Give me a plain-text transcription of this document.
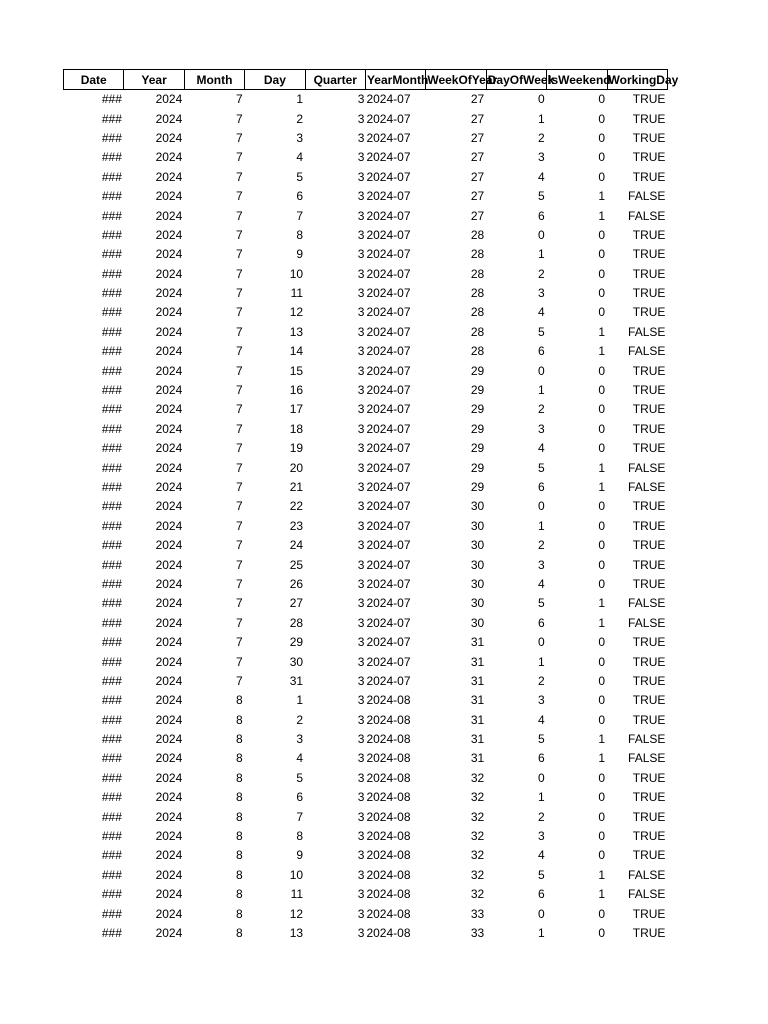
Date	Year	Month	Day	Quarter	YearMonth	WeekOfYear	DayOfWeek	IsWeekend	WorkingDay
###	2024	7	1	3	2024-07	27	0	0	TRUE
###	2024	7	2	3	2024-07	27	1	0	TRUE
###	2024	7	3	3	2024-07	27	2	0	TRUE
###	2024	7	4	3	2024-07	27	3	0	TRUE
###	2024	7	5	3	2024-07	27	4	0	TRUE
###	2024	7	6	3	2024-07	27	5	1	FALSE
###	2024	7	7	3	2024-07	27	6	1	FALSE
###	2024	7	8	3	2024-07	28	0	0	TRUE
###	2024	7	9	3	2024-07	28	1	0	TRUE
###	2024	7	10	3	2024-07	28	2	0	TRUE
###	2024	7	11	3	2024-07	28	3	0	TRUE
###	2024	7	12	3	2024-07	28	4	0	TRUE
###	2024	7	13	3	2024-07	28	5	1	FALSE
###	2024	7	14	3	2024-07	28	6	1	FALSE
###	2024	7	15	3	2024-07	29	0	0	TRUE
###	2024	7	16	3	2024-07	29	1	0	TRUE
###	2024	7	17	3	2024-07	29	2	0	TRUE
###	2024	7	18	3	2024-07	29	3	0	TRUE
###	2024	7	19	3	2024-07	29	4	0	TRUE
###	2024	7	20	3	2024-07	29	5	1	FALSE
###	2024	7	21	3	2024-07	29	6	1	FALSE
###	2024	7	22	3	2024-07	30	0	0	TRUE
###	2024	7	23	3	2024-07	30	1	0	TRUE
###	2024	7	24	3	2024-07	30	2	0	TRUE
###	2024	7	25	3	2024-07	30	3	0	TRUE
###	2024	7	26	3	2024-07	30	4	0	TRUE
###	2024	7	27	3	2024-07	30	5	1	FALSE
###	2024	7	28	3	2024-07	30	6	1	FALSE
###	2024	7	29	3	2024-07	31	0	0	TRUE
###	2024	7	30	3	2024-07	31	1	0	TRUE
###	2024	7	31	3	2024-07	31	2	0	TRUE
###	2024	8	1	3	2024-08	31	3	0	TRUE
###	2024	8	2	3	2024-08	31	4	0	TRUE
###	2024	8	3	3	2024-08	31	5	1	FALSE
###	2024	8	4	3	2024-08	31	6	1	FALSE
###	2024	8	5	3	2024-08	32	0	0	TRUE
###	2024	8	6	3	2024-08	32	1	0	TRUE
###	2024	8	7	3	2024-08	32	2	0	TRUE
###	2024	8	8	3	2024-08	32	3	0	TRUE
###	2024	8	9	3	2024-08	32	4	0	TRUE
###	2024	8	10	3	2024-08	32	5	1	FALSE
###	2024	8	11	3	2024-08	32	6	1	FALSE
###	2024	8	12	3	2024-08	33	0	0	TRUE
###	2024	8	13	3	2024-08	33	1	0	TRUE
